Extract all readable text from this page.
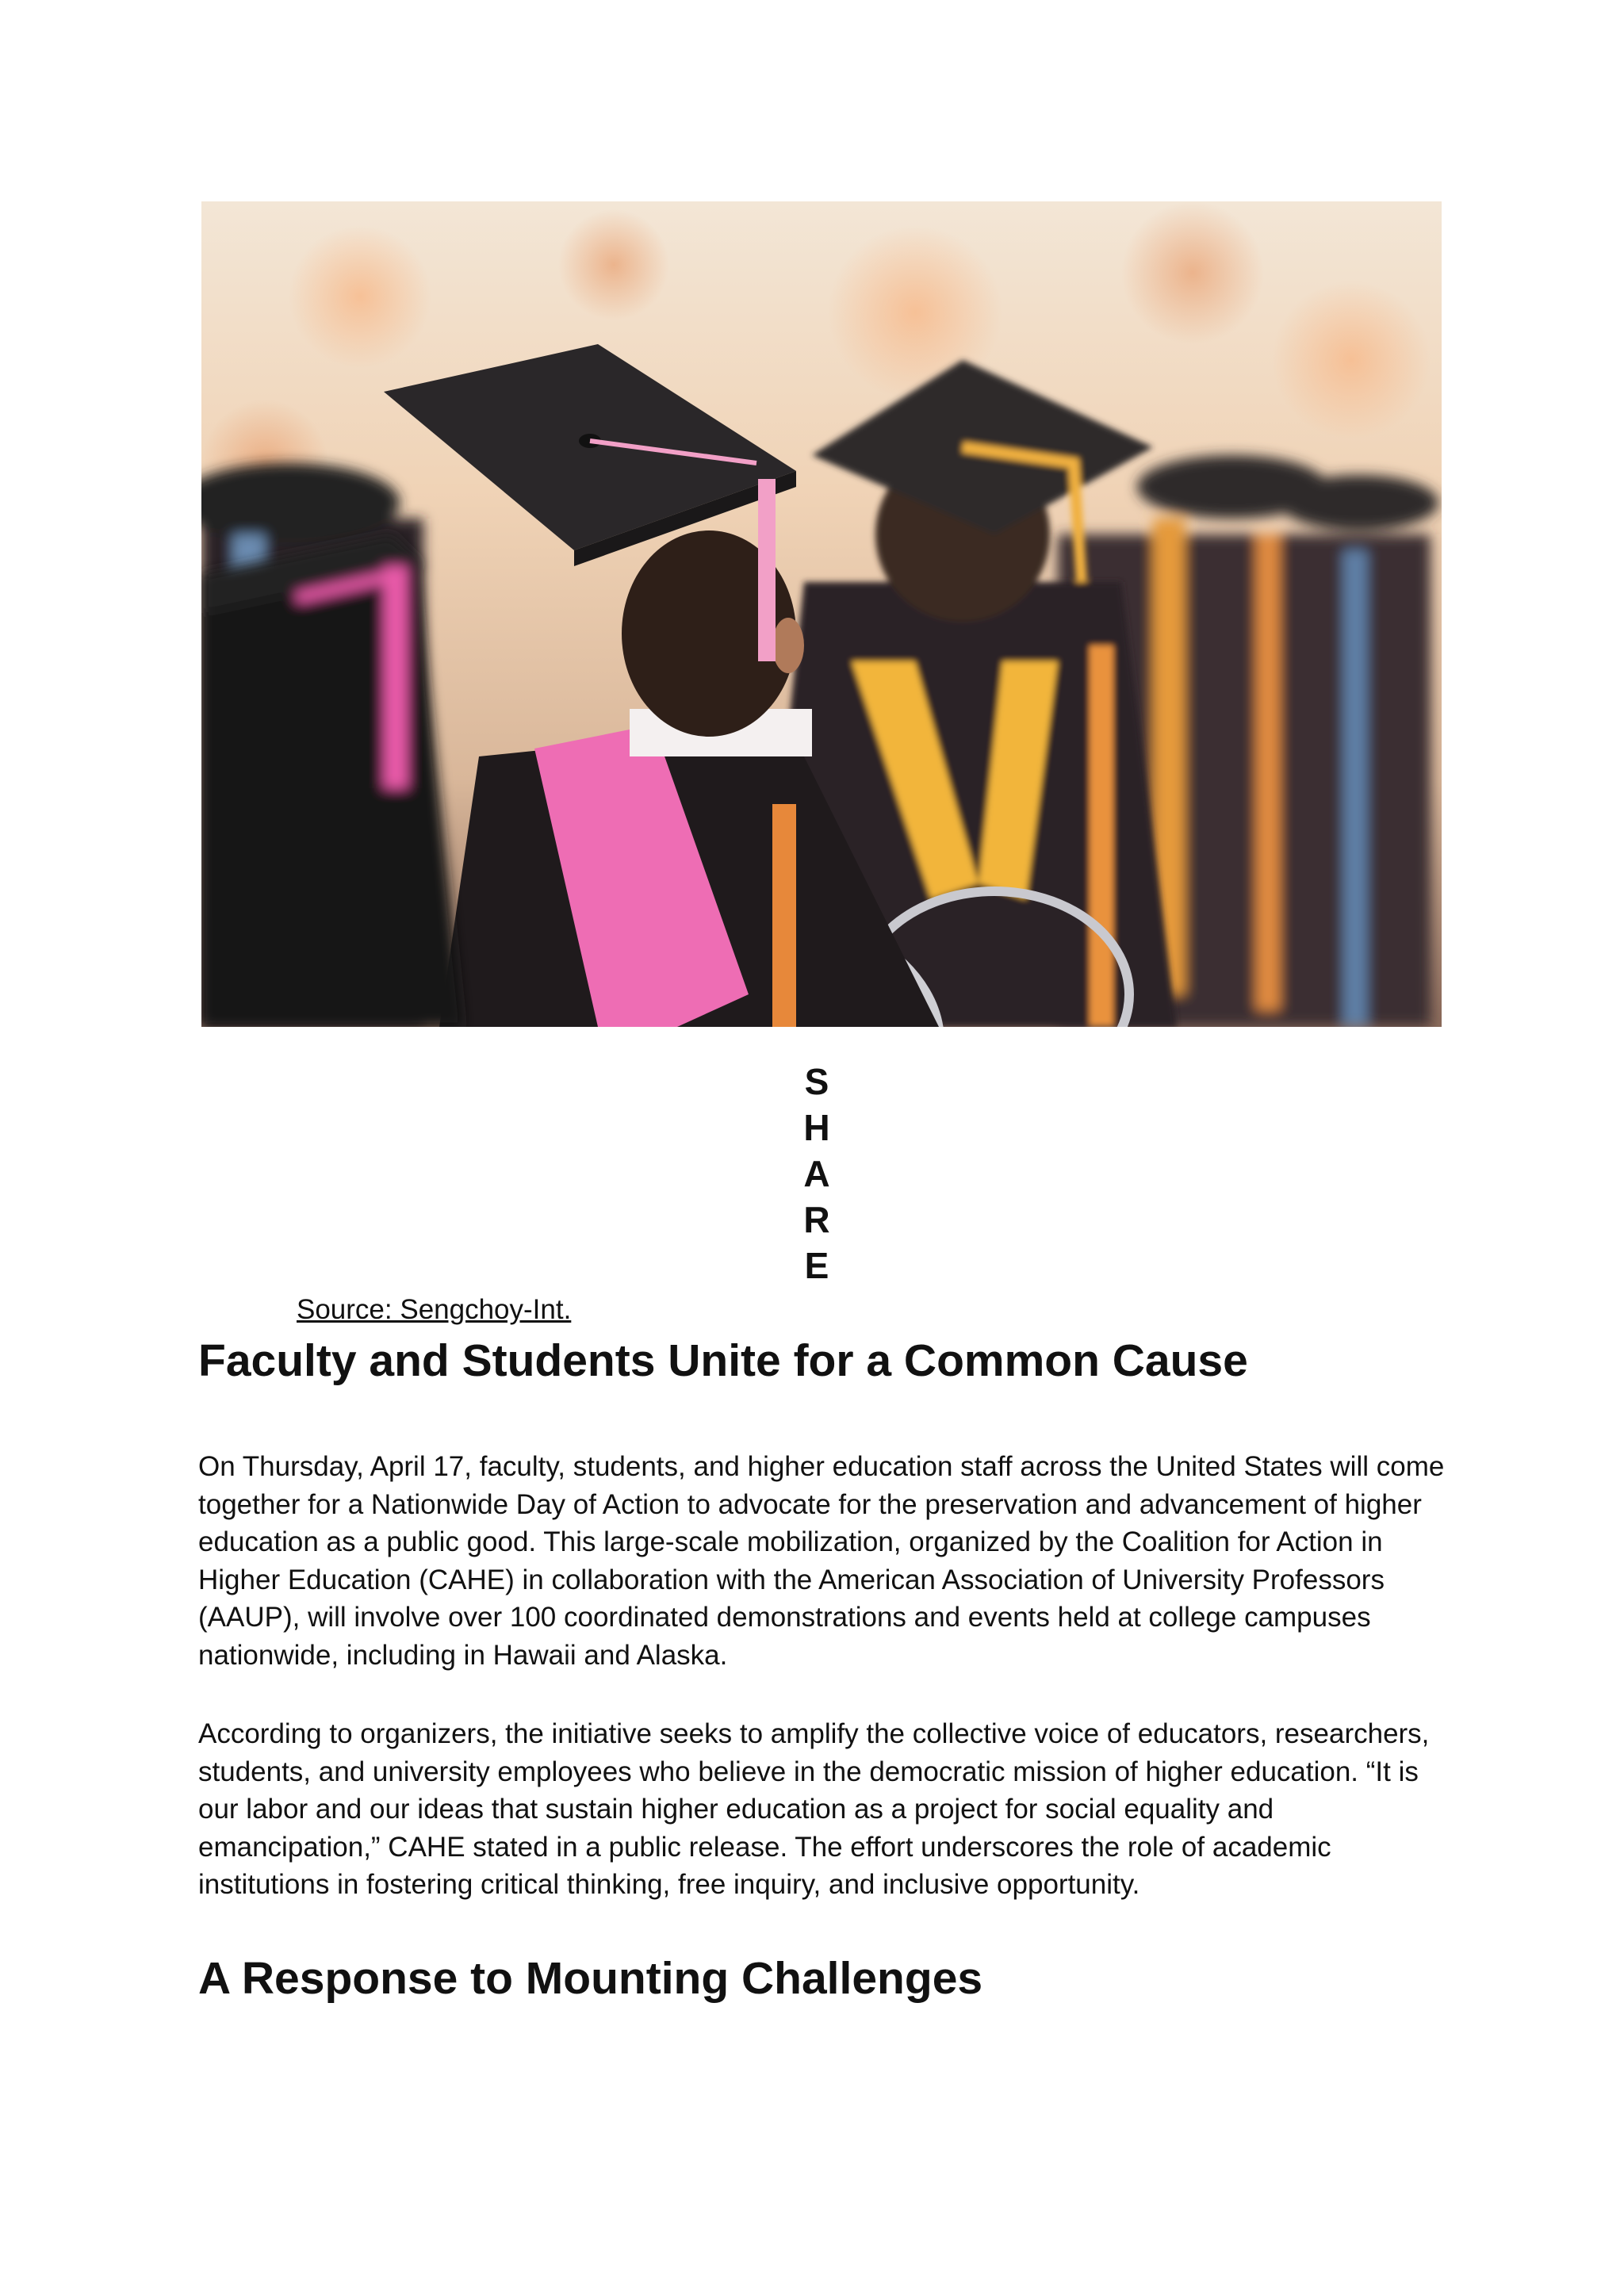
S
H
A
R
E
Source: Sengchoy-Int.
Faculty and Students Unite for a Common Cause

On Thursday, April 17, faculty, students, and higher education staff across the United States will come together for a Nationwide Day of Action to advocate for the preservation and advancement of higher education as a public good. This large-scale mobilization, organized by the Coalition for Action in Higher Education (CAHE) in collaboration with the American Association of University Professors (AAUP), will involve over 100 coordinated demonstrations and events held at college campuses nationwide, including in Hawaii and Alaska.

According to organizers, the initiative seeks to amplify the collective voice of educators, researchers, students, and university employees who believe in the democratic mission of higher education. “It is our labor and our ideas that sustain higher education as a project for social equality and emancipation,” CAHE stated in a public release. The effort underscores the role of academic institutions in fostering critical thinking, free inquiry, and inclusive opportunity.

A Response to Mounting Challenges
